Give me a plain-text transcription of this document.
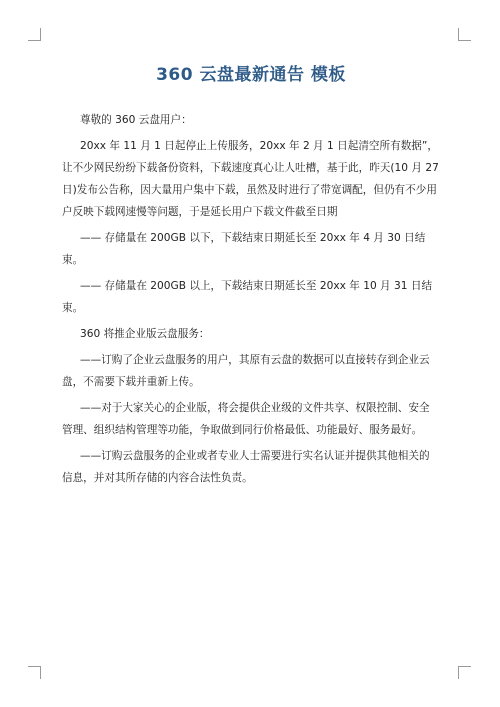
360 云盘最新通告 模板

尊敬的 360 云盘用户：

20xx 年 11 月 1 日起停止上传服务，20xx 年 2 月 1 日起清空所有数据”，让不少网民纷纷下载备份资料，下载速度真心让人吐槽，基于此，昨天(10 月 27 日)发布公告称，因大量用户集中下载，虽然及时进行了带宽调配，但仍有不少用户反映下载网速慢等问题，于是延长用户下载文件截至日期

—— 存储量在 200GB 以下，下载结束日期延长至 20xx 年 4 月 30 日结束。

—— 存储量在 200GB 以上，下载结束日期延长至 20xx 年 10 月 31 日结束。

360 将推企业版云盘服务：

——订购了企业云盘服务的用户，其原有云盘的数据可以直接转存到企业云盘，不需要下载并重新上传。

——对于大家关心的企业版，将会提供企业级的文件共享、权限控制、安全管理、组织结构管理等功能，争取做到同行价格最低、功能最好、服务最好。

——订购云盘服务的企业或者专业人士需要进行实名认证并提供其他相关的信息，并对其所存储的内容合法性负责。
